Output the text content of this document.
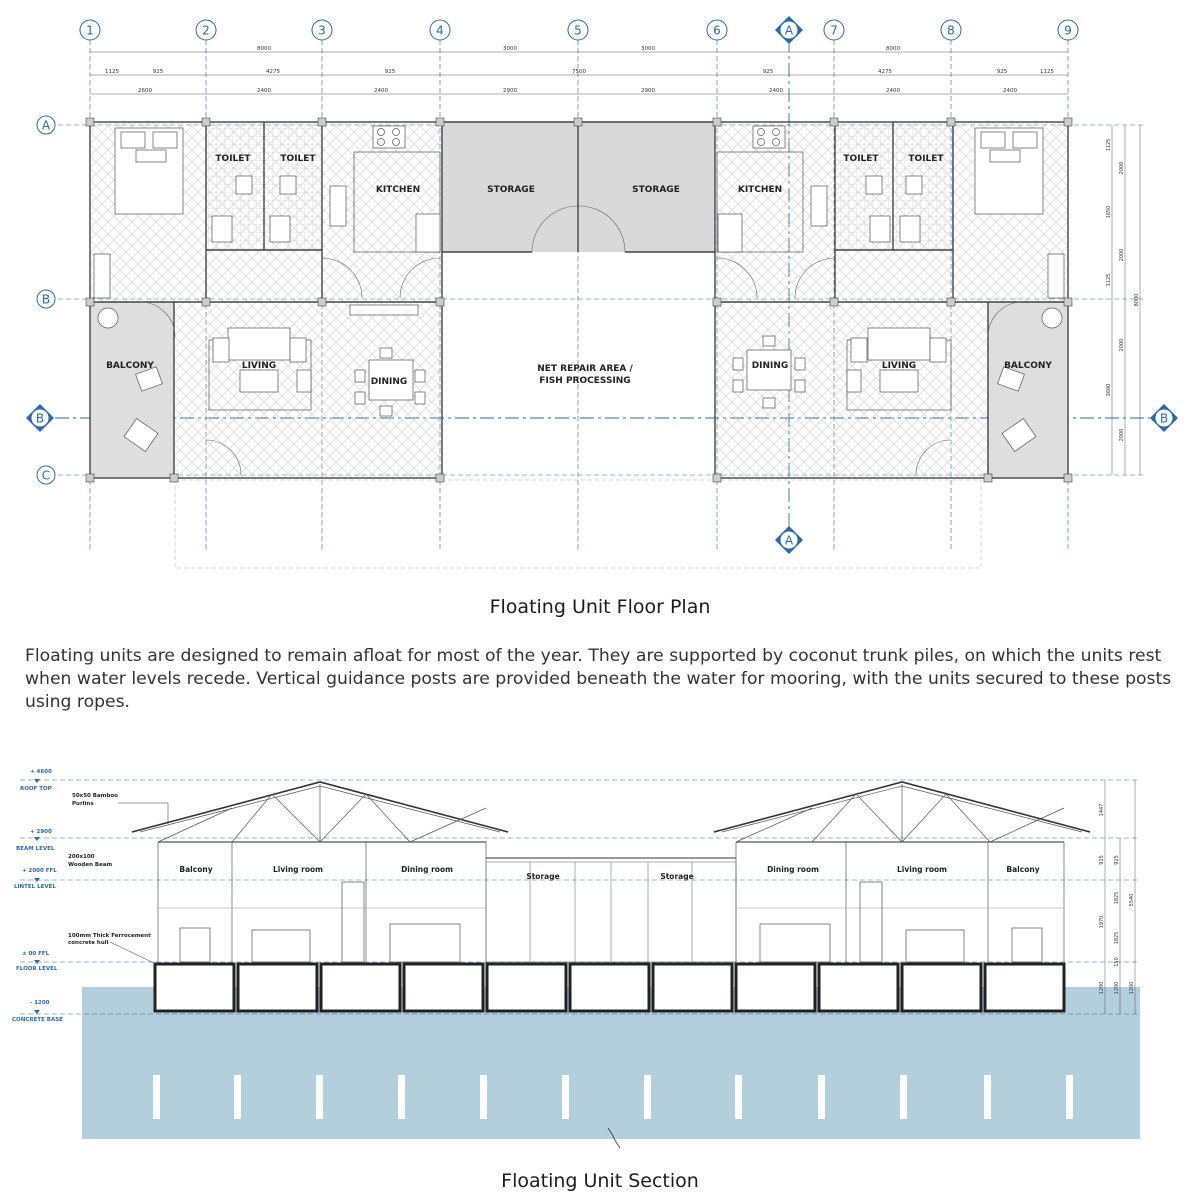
1	2	3	4	5	6	7	8	9
A
B
C
A
A
B	B
8000	3000	3000	8000
1125	925	4275	925	7500	925	4275	925	1125
2600	2400	2400	2900	2900	2400	2400	2400
1125
1650
1125
3600
2000
2000
2000
2000
8000
TOILET	TOILET
KITCHEN	STORAGE	STORAGE	KITCHEN
TOILET	TOILET
BALCONY	LIVING
DINING
NET REPAIR AREA /
FISH PROCESSING
DINING	LIVING	BALCONY
+ 4600
ROOF TOP
+ 2900
BEAM LEVEL
+ 2000 FFL
LINTEL LEVEL
± 00 FFL
FLOOR LEVEL
- 1200
CONCRETE BASE
50x50 Bamboo
Purlins
200x100
Wooden Beam
100mm Thick Ferrocement
concrete hull
Balcony	Living room	Dining room
Storage	Storage
Dining room	Living room	Balcony
1447
925
1970
1200
925
1825
1825
150
1200
5540
1200
Floating Unit Floor Plan

Floating units are designed to remain afloat for most of the year. They are supported by coconut trunk piles, on which the units rest when water levels recede. Vertical guidance posts are provided beneath the water for mooring, with the units secured to these posts using ropes.

Floating Unit Section
